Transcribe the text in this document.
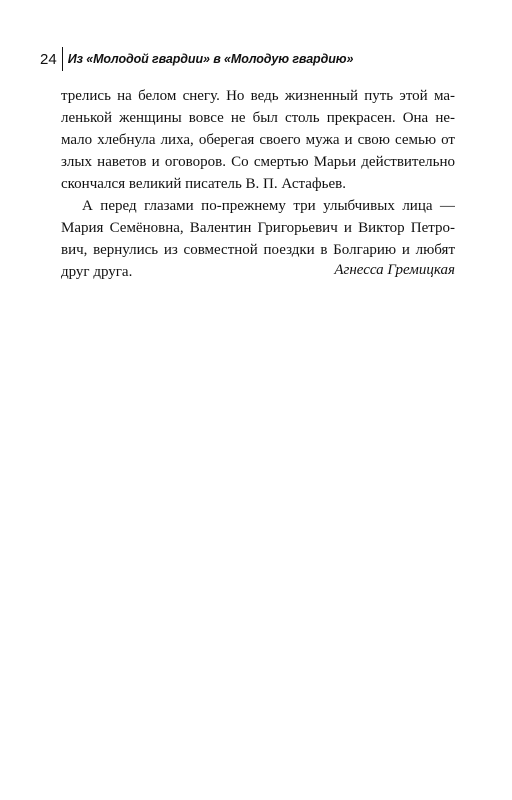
24 Из «Молодой гвардии» в «Молодую гвардию»
трелись на белом снегу. Но ведь жизненный путь этой ма-
ленькой женщины вовсе не был столь прекрасен. Она не-
мало хлебнула лиха, оберегая своего мужа и свою семью от
злых наветов и оговоров. Со смертью Марьи действительно
скончался великий писатель В. П. Астафьев.
А перед глазами по-прежнему три улыбчивых лица —
Мария Семёновна, Валентин Григорьевич и Виктор Петро-
вич, вернулись из совместной поездки в Болгарию и любят
друг друга.	Агнесса Гремицкая
